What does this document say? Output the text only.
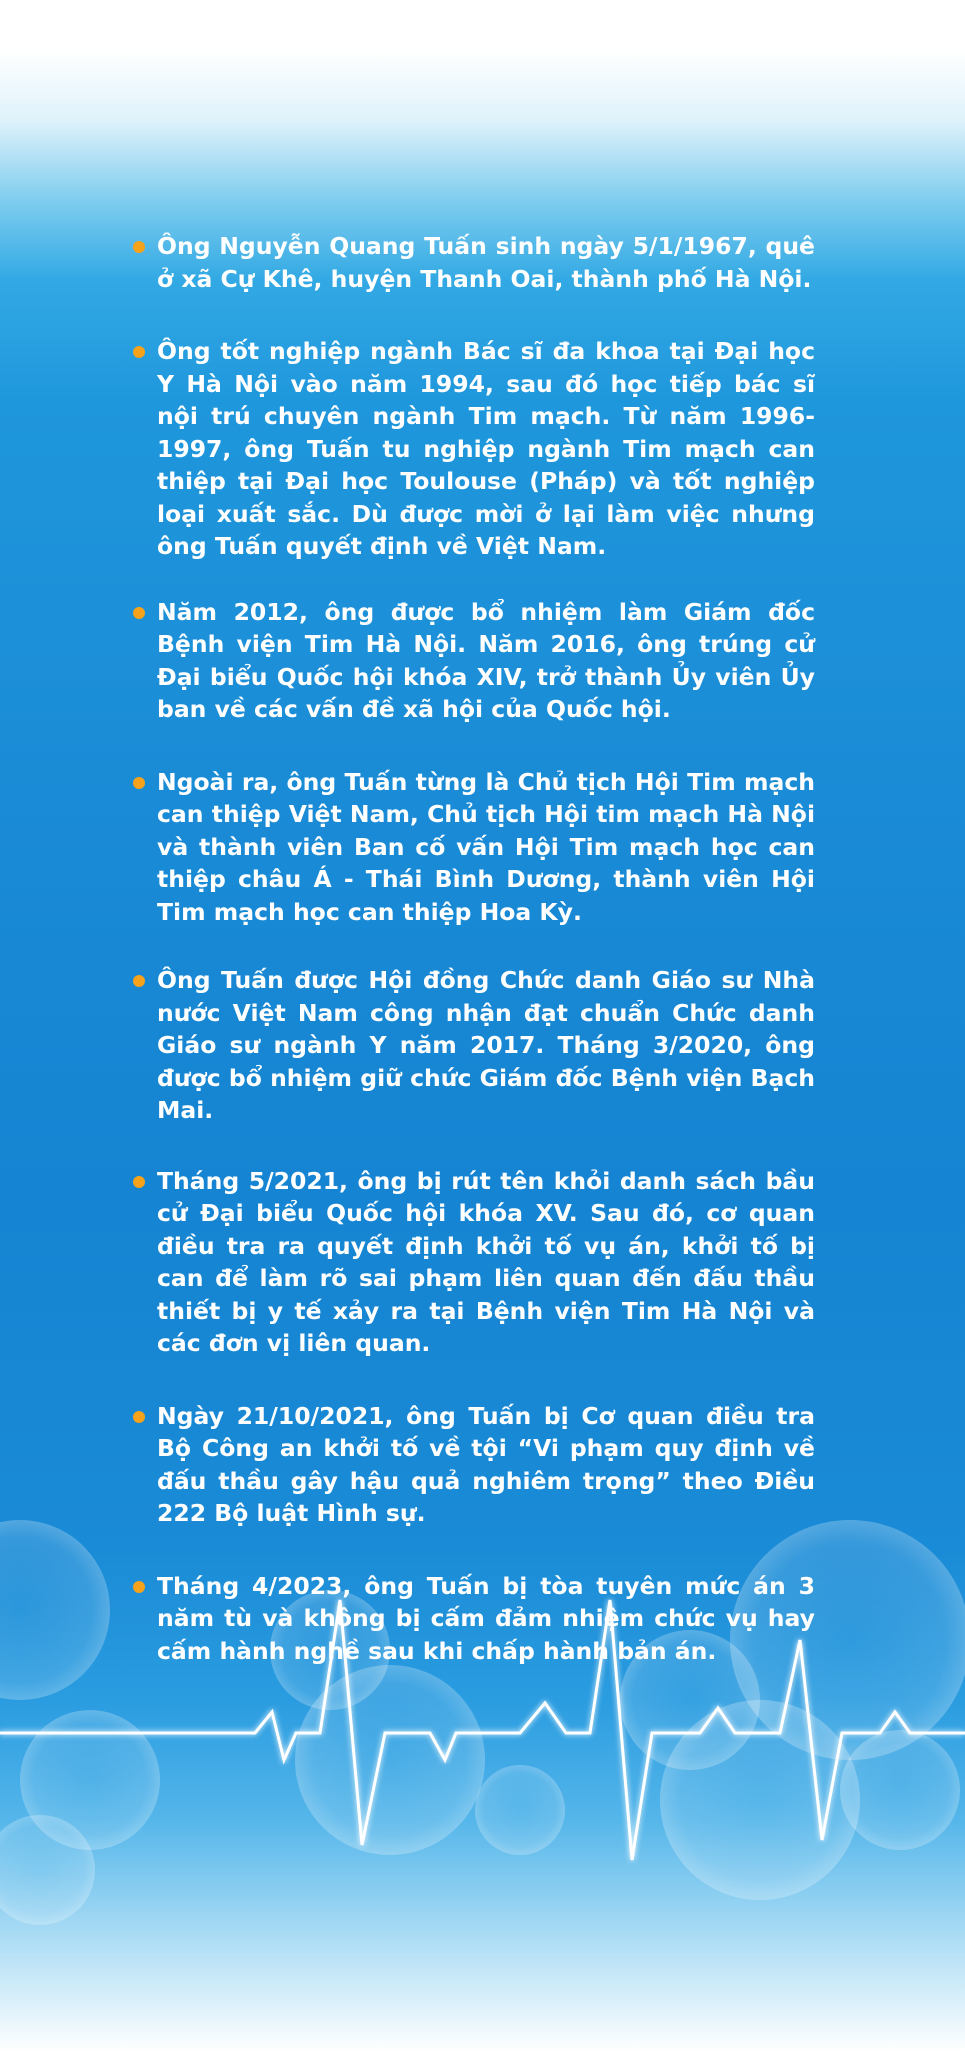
Ông Nguyễn Quang Tuấn sinh ngày 5/1/1967, quê ở xã Cự Khê, huyện Thanh Oai, thành phố Hà Nội.

Ông tốt nghiệp ngành Bác sĩ đa khoa tại Đại học Y Hà Nội vào năm 1994, sau đó học tiếp bác sĩ nội trú chuyên ngành Tim mạch. Từ năm 1996-1997, ông Tuấn tu nghiệp ngành Tim mạch can thiệp tại Đại học Toulouse (Pháp) và tốt nghiệp loại xuất sắc. Dù được mời ở lại làm việc nhưng ông Tuấn quyết định về Việt Nam.

Năm 2012, ông được bổ nhiệm làm Giám đốc Bệnh viện Tim Hà Nội. Năm 2016, ông trúng cử Đại biểu Quốc hội khóa XIV, trở thành Ủy viên Ủy ban về các vấn đề xã hội của Quốc hội.

Ngoài ra, ông Tuấn từng là Chủ tịch Hội Tim mạch can thiệp Việt Nam, Chủ tịch Hội tim mạch Hà Nội và thành viên Ban cố vấn Hội Tim mạch học can thiệp châu Á - Thái Bình Dương, thành viên Hội Tim mạch học can thiệp Hoa Kỳ.

Ông Tuấn được Hội đồng Chức danh Giáo sư Nhà nước Việt Nam công nhận đạt chuẩn Chức danh Giáo sư ngành Y năm 2017. Tháng 3/2020, ông được bổ nhiệm giữ chức Giám đốc Bệnh viện Bạch Mai.

Tháng 5/2021, ông bị rút tên khỏi danh sách bầu cử Đại biểu Quốc hội khóa XV. Sau đó, cơ quan điều tra ra quyết định khởi tố vụ án, khởi tố bị can để làm rõ sai phạm liên quan đến đấu thầu thiết bị y tế xảy ra tại Bệnh viện Tim Hà Nội và các đơn vị liên quan.

Ngày 21/10/2021, ông Tuấn bị Cơ quan điều tra Bộ Công an khởi tố về tội “Vi phạm quy định về đấu thầu gây hậu quả nghiêm trọng” theo Điều 222 Bộ luật Hình sự.

Tháng 4/2023, ông Tuấn bị tòa tuyên mức án 3 năm tù và không bị cấm đảm nhiệm chức vụ hay cấm hành nghề sau khi chấp hành bản án.
